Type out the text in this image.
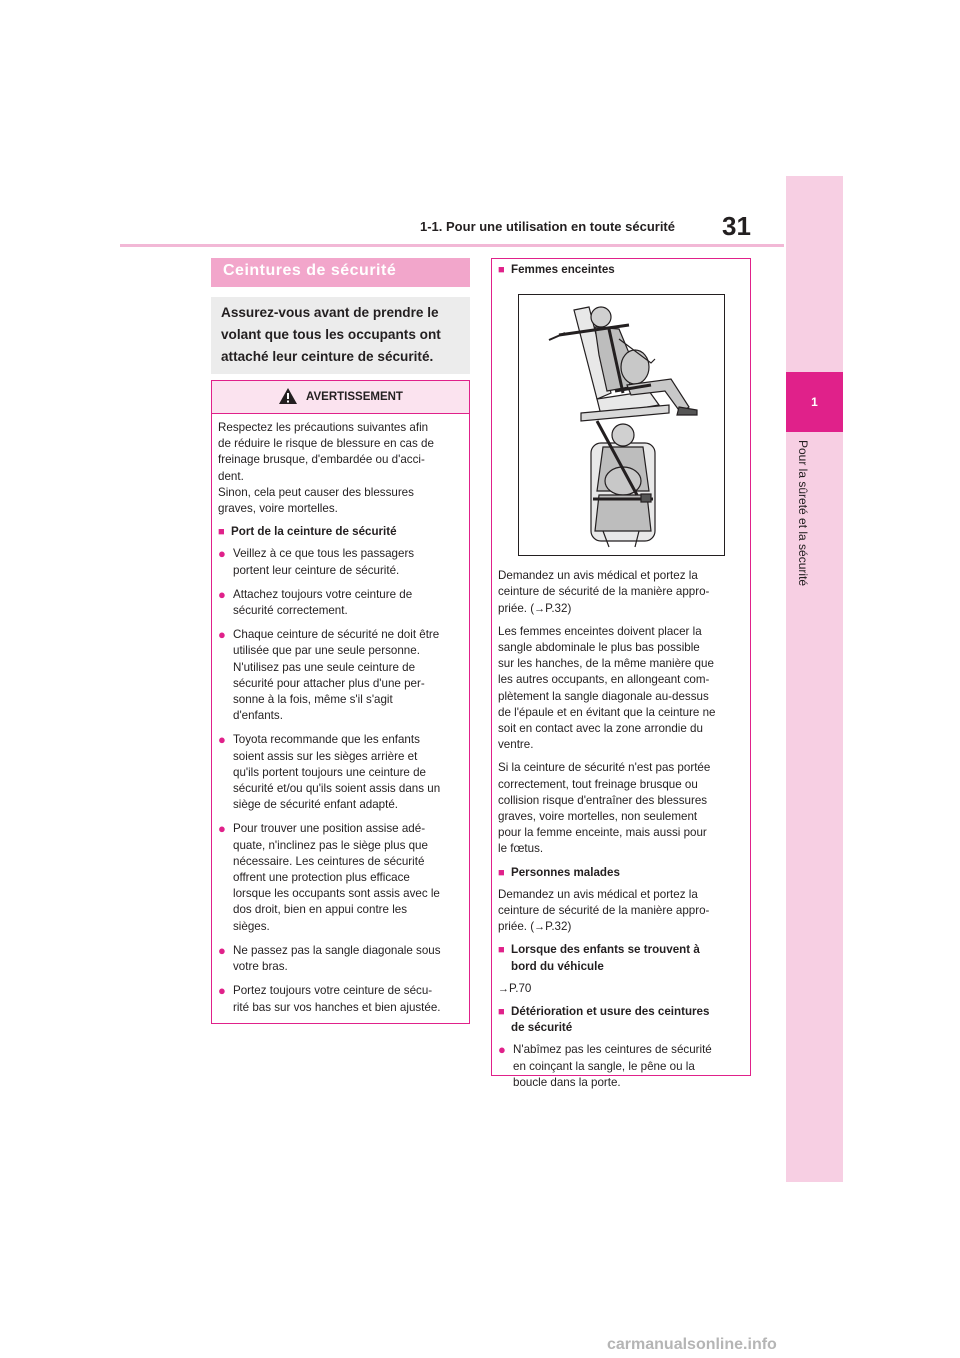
31
1-1. Pour une utilisation en toute sécurité
1
Pour la sûreté et la sécurité
Ceintures de sécurité
Assurez-vous avant de prendre le
volant que tous les occupants ont
attaché leur ceinture de sécurité.
AVERTISSEMENT

Respectez les précautions suivantes afin
de réduire le risque de blessure en cas de
freinage brusque, d'embardée ou d'acci-
dent.
Sinon, cela peut causer des blessures
graves, voire mortelles.

■ Port de la ceinture de sécurité
● Veillez à ce que tous les passagers
portent leur ceinture de sécurité.
● Attachez toujours votre ceinture de
sécurité correctement.
● Chaque ceinture de sécurité ne doit être
utilisée que par une seule personne.
N'utilisez pas une seule ceinture de
sécurité pour attacher plus d'une per-
sonne à la fois, même s'il s'agit
d'enfants.
● Toyota recommande que les enfants
soient assis sur les sièges arrière et
qu'ils portent toujours une ceinture de
sécurité et/ou qu'ils soient assis dans un
siège de sécurité enfant adapté.
● Pour trouver une position assise adé-
quate, n'inclinez pas le siège plus que
nécessaire. Les ceintures de sécurité
offrent une protection plus efficace
lorsque les occupants sont assis avec le
dos droit, bien en appui contre les
sièges.
● Ne passez pas la sangle diagonale sous
votre bras.
● Portez toujours votre ceinture de sécu-
rité bas sur vos hanches et bien ajustée.
■ Femmes enceintes

Demandez un avis médical et portez la
ceinture de sécurité de la manière appro-
priée. (→P.32)

Les femmes enceintes doivent placer la
sangle abdominale le plus bas possible
sur les hanches, de la même manière que
les autres occupants, en allongeant com-
plètement la sangle diagonale au-dessus
de l'épaule et en évitant que la ceinture ne
soit en contact avec la zone arrondie du
ventre.

Si la ceinture de sécurité n'est pas portée
correctement, tout freinage brusque ou
collision risque d'entraîner des blessures
graves, voire mortelles, non seulement
pour la femme enceinte, mais aussi pour
le fœtus.

■ Personnes malades

Demandez un avis médical et portez la
ceinture de sécurité de la manière appro-
priée. (→P.32)

■ Lorsque des enfants se trouvent à
bord du véhicule

→P.70

■ Détérioration et usure des ceintures
de sécurité
● N'abîmez pas les ceintures de sécurité
en coinçant la sangle, le pêne ou la
boucle dans la porte.
carmanualsonline.info
